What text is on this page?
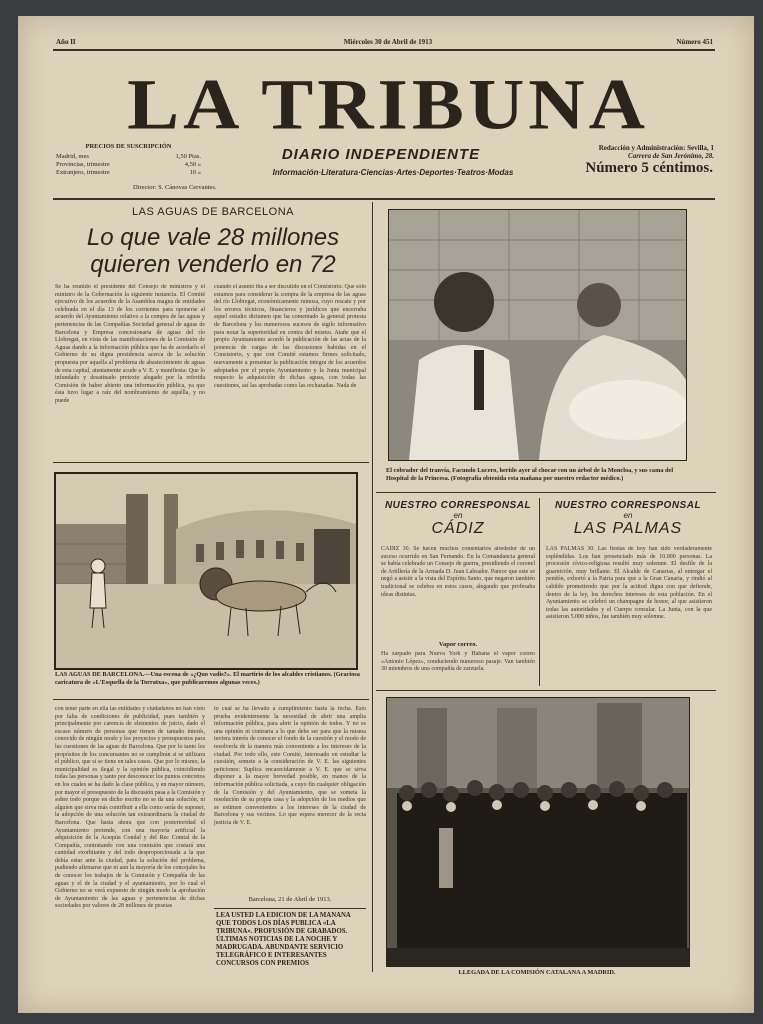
Año II	Miércoles 30 de Abril de 1913	Número 451
LA TRIBUNA
DIARIO INDEPENDIENTE
Información·Literatura·Ciencias·Artes·Deportes·Teatros·Modas
Director: S. Cánovas Cervantes.
PRECIOS DE SUSCRIPCIÓN
Madrid, mes	1,50 Ptas.
Provincias, trimestre	4,50 »
Extranjero, trimestre	10 »
Redacción y Administración: Sevilla, 1
Carrera de San Jerónimo, 28.
Número 5 céntimos.
LAS AGUAS DE BARCELONA
Lo que vale 28 millones
quieren venderlo en 72
Se ha reunido el presidente del Consejo de ministros y el ministro de la Gobernación la siguiente instancia. El Comité ejecutivo de los acuerdos de la Asamblea magna de entidades celebrada en el día 13 de los corrientes para oponerse al acuerdo del Ayuntamiento relativo a la compra de las aguas y pertenencias de las Compañías Sociedad general de aguas de Barcelona y Empresa concesionaria de aguas del río Llobregat, en vista de las manifestaciones de la Comisión de Aguas dando a la información pública que ha de acordarlo el Gobierno de su digna presidencia acerca de la solución propuesta por aquella al problema de abastecimiento de aguas de esta capital, atentamente acude a V. E. y manifiesta: Que lo infundado y desatinado pretexto alegado por la referida Comisión de haber abierto una información pública, ya que ésta tuvo lugar a raíz del nombramiento de aquélla, y no puede
cuando el asunto iba a ser discutido en el Consistorio. Que sólo estamos para considerar la compra de la empresa de las aguas del río Llobregat, económicamente ruinosa, cuyo rescate y por los errores técnicos, financieros y jurídicos que encerraba aquel estudio dictamen que ha comentado la general protesta de Barcelona y los numerosos sucesos de sigilo informativo para notar la superioridad en contra del mismo. Atañe que el propio Ayuntamiento acordó la publicación de las actas de la ponencia de cargas de las discusiones habidas en el Consistorio, y que con Comité estamos firmes solicitado, nuevamente a presentar la publicación integra de los acuerdos adoptados por el propio Ayuntamiento y la Junta municipal respecto la adquisición de dichas aguas, con todas las cuestiones, así las aprobadas como las rechazadas. Nada de
LAS AGUAS DE BARCELONA.—Una escena de «¿Quo vadis?». El martirio de los alcaldes cristianos. (Graciosa caricatura de «L'Esquella de la Torratxa», que publicaremos algunas veces.)
El cobrador del tranvía, Facundo Lucero, herido ayer al chocar con un árbol de la Moncloa, y sus cama del Hospital de la Princesa. (Fotografía obtenida esta mañana por nuestro redactor médico.)
NUESTRO CORRESPONSAL
en
CÁDIZ
CÁDIZ 30. Se hacen muchos comentarios alrededor de un suceso ocurrido en San Fernando. En la Comandancia general se había celebrado un Consejo de guerra, presidiendo el coronel de Artillería de la Armada D. Juan Labrador. Parece que este se negó a asistir a la vista del Espíritu Santo, que negaron también tradicional se celebra en estos casos, alegando que profesaba ideas distintas.
Vapor correo.
Ha zarpado para Nueva York y Habana el vapor correo «Antonio López», conduciendo numeroso pasaje. Van también 30 miembros de una compañía de zarzuela.
NUESTRO CORRESPONSAL
en
LAS PALMAS
LAS PALMAS 30. Las fiestas de hoy han sido verdaderamente espléndidas. Los han presenciado más de 10.000 personas. La procesión cívico-religiosa resultó muy solemne. El desfile de la guarnición, muy brillante. El Alcalde de Canarias, al entregar el pendón, exhortó a la Patria para que a la Gran Canaria, y rindió al cabildo prometiendo que por la actitud digna con que defiende, dentro de la ley, los derechos intereses de esta población. En el Ayuntamiento se celebró un champagne de honor, al que asistieron todas las autoridades y el Cuerpo consular. La Junta, con la que asistieron 5.000 niños, fue también muy solemne.
con tener parte en ella las entidades y ciudadanos no han visto por falta de condiciones de publicidad, pues también y principalmente por carencia de elementos de juicio, dado el escaso número de personas que tienen de tamaño interés, conocido de ningún modo y los proyectos y presupuestos para las cuestiones de las aguas de Barcelona. Que por lo tanto los propósitos de los concursantes no se cumplirán si se utilizara el público, que si se tiene en tales casos. Que por lo mismo, la municipalidad es ilegal y la opinión pública, coincidiendo todas las personas y tanto por desconocer los puntos concretos en los cuales se ha dado la clase pública, y en mayor número, por mayor el presupuesto de la discusión pasa a la Comisión y sobre todo porque en dicho escrito no se da una solución, ni alguien que sirva más contribuir a ella como sería de suponer, la adopción de una solución tan extraordinaria la ciudad de Barcelona. Que hasta ahora que con posterioridad el Ayuntamiento pretende, con una mayoría artificial la adquisición de la Acequia Condal y del Rec Comtal de la Compañía, contratando con una comisión que costará una cantidad exorbitante y del todo desproporcionada a la que debía estar ante la ciudad, para la solución del problema, pudiendo afirmarse que ni aun la mayoría de los concejales ha de conocer los trabajos de la Comisión y Compañía de las aguas y el de la ciudad y el ayuntamiento, por lo cual el Gobierno no se verá expuesto de ningún modo la aprobación de Ayuntamiento de las aguas y pertenencias de dichas sociedades por valores de 28 millones de pesetas
lo cual se ha llevado a cumplimiento hasta la fecha. Esto prueba evidentemente la necesidad de abrir una amplia información pública, para abrir la opinión de todos. Y no es una opinión ni contraria a lo que debe ser para que la misma tuviera interés de conocer el fondo de la cuestión y el modo de resolverla de la manera más conveniente a los intereses de la ciudad. Por todo ello, este Comité, interesado en estudiar la cuestión, somete a la consideración de V. E. las siguientes peticiones: Suplica encarecidamente a V. E. que se sirva disponer a la mayor brevedad posible, en manos de la información pública solicitada, a cuyo fin cualquier obligación de la Comisión y del Ayuntamiento, que se someta la resolución de su propia casa y la adopción de los medios que se estimen convenientes a los intereses de la ciudad de Barcelona y sus vecinos. Lo que espera merecer de la recta justicia de V. E.
Barcelona, 21 de Abril de 1913.
LEA USTED LA EDICIÓN DE LA MAÑANA QUE TODOS LOS DÍAS PUBLICA «LA TRIBUNA». PROFUSIÓN DE GRABADOS. ÚLTIMAS NOTICIAS DE LA NOCHE Y MADRUGADA. ABUNDANTE SERVICIO TELEGRÁFICO E INTERESANTES CONCURSOS CON PREMIOS
LLEGADA DE LA COMISIÓN CATALANA A MADRID.
